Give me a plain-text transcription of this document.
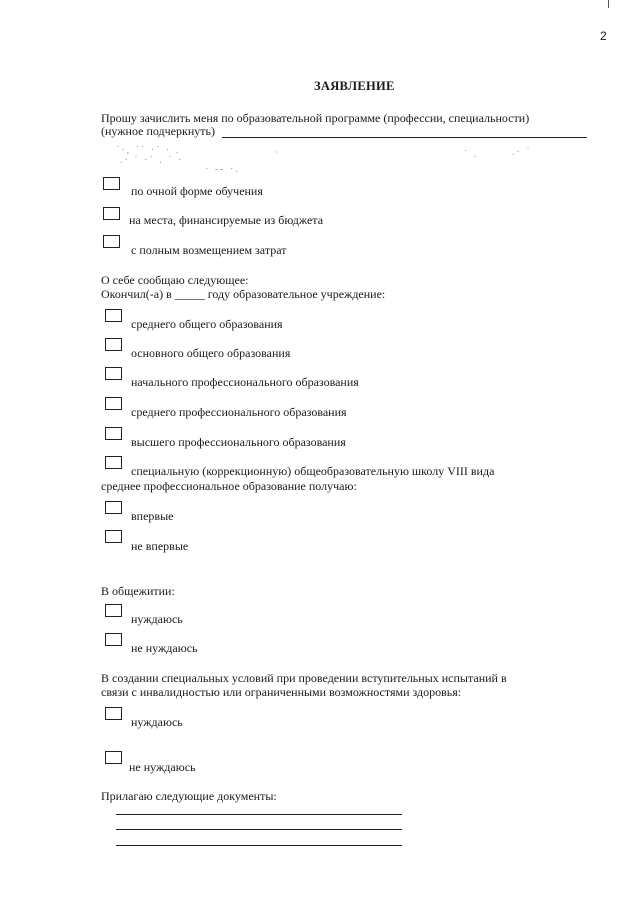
2
ЗАЯВЛЕНИЕ
Прошу зачислить меня по образовательной программе (профессии, специальности)
(нужное подчеркнуть)
˙·, ˙˙ ·˙ · .
.· ˙ ·˙ . ˙ ·
· -- ·.
`	˙ .	.· ˙
по очной форме обучения
на места, финансируемые из бюджета
с полным возмещением затрат
О себе сообщаю следующее:
Окончил(-а) в _____ году образовательное учреждение:
среднего общего образования
основного общего образования
начального профессионального образования
среднего профессионального образования
высшего профессионального образования
специальную (коррекционную) общеобразовательную школу VIII вида
среднее профессиональное образование получаю:
впервые
не впервые
В общежитии:
нуждаюсь
не нуждаюсь
В создании специальных условий при проведении вступительных испытаний в
связи с инвалидностью или ограниченными возможностями здоровья:
нуждаюсь
не нуждаюсь
Прилагаю следующие документы:
